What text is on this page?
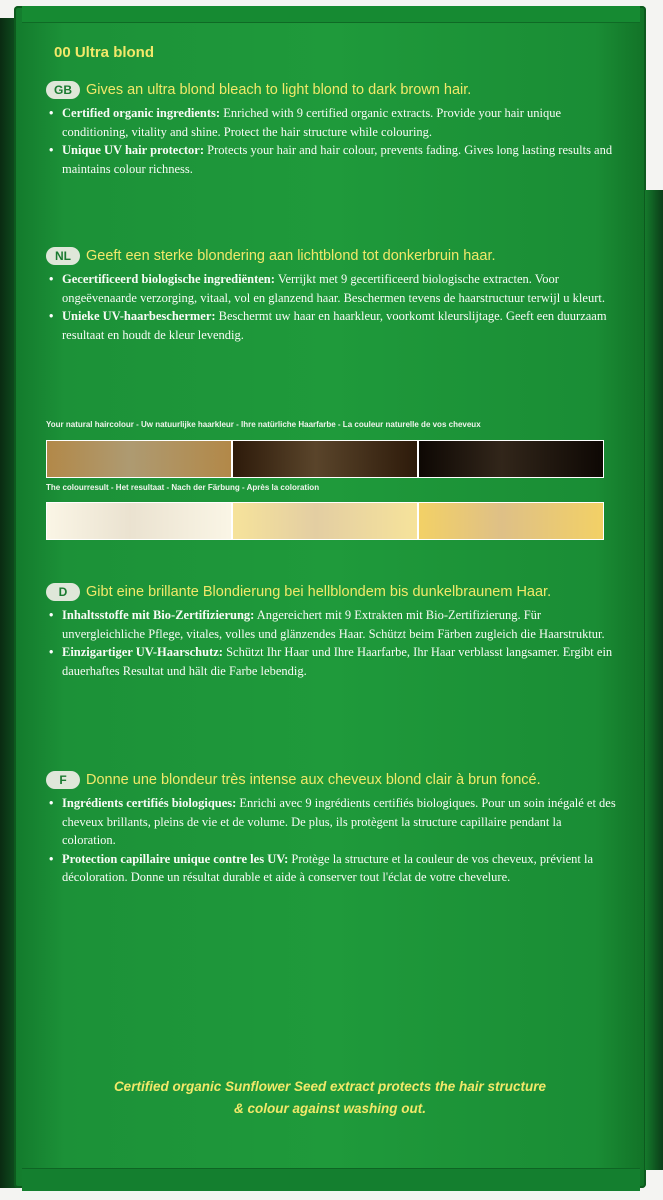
00 Ultra blond
GB Gives an ultra blond bleach to light blond to dark brown hair.
• Certified organic ingredients: Enriched with 9 certified organic extracts. Provide your hair unique conditioning, vitality and shine. Protect the hair structure while colouring.
• Unique UV hair protector: Protects your hair and hair colour, prevents fading. Gives long lasting results and maintains colour richness.
NL	Geeft een sterke blondering aan lichtblond tot donkerbruin haar.
• Gecertificeerd biologische ingrediënten: Verrijkt met 9 gecertificeerd biologische extracten. Voor ongeëvenaarde verzorging, vitaal, vol en glanzend haar. Beschermen tevens de haarstructuur terwijl u kleurt.
• Unieke UV-haarbeschermer: Beschermt uw haar en haarkleur, voorkomt kleurslijtage. Geeft een duurzaam resultaat en houdt de kleur levendig.
Your natural haircolour - Uw natuurlijke haarkleur - Ihre natürliche Haarfarbe - La couleur naturelle de vos cheveux
The colourresult - Het resultaat - Nach der Färbung - Après la coloration
D	Gibt eine brillante Blondierung bei hellblondem bis dunkelbraunem Haar.
• Inhaltsstoffe mit Bio-Zertifizierung: Angereichert mit 9 Extrakten mit Bio-Zertifizierung. Für unvergleichliche Pflege, vitales, volles und glänzendes Haar. Schützt beim Färben zugleich die Haarstruktur.
• Einzigartiger UV-Haarschutz: Schützt Ihr Haar und Ihre Haarfarbe, Ihr Haar verblasst langsamer. Ergibt ein dauerhaftes Resultat und hält die Farbe lebendig.
F	Donne une blondeur très intense aux cheveux blond clair à brun foncé.
• Ingrédients certifiés biologiques: Enrichi avec 9 ingrédients certifiés biologiques. Pour un soin inégalé et des cheveux brillants, pleins de vie et de volume. De plus, ils protègent la structure capillaire pendant la coloration.
• Protection capillaire unique contre les UV: Protège la structure et la couleur de vos cheveux, prévient la décoloration. Donne un résultat durable et aide à conserver tout l'éclat de votre chevelure.
Certified organic Sunflower Seed extract protects the hair structure
& colour against washing out.
